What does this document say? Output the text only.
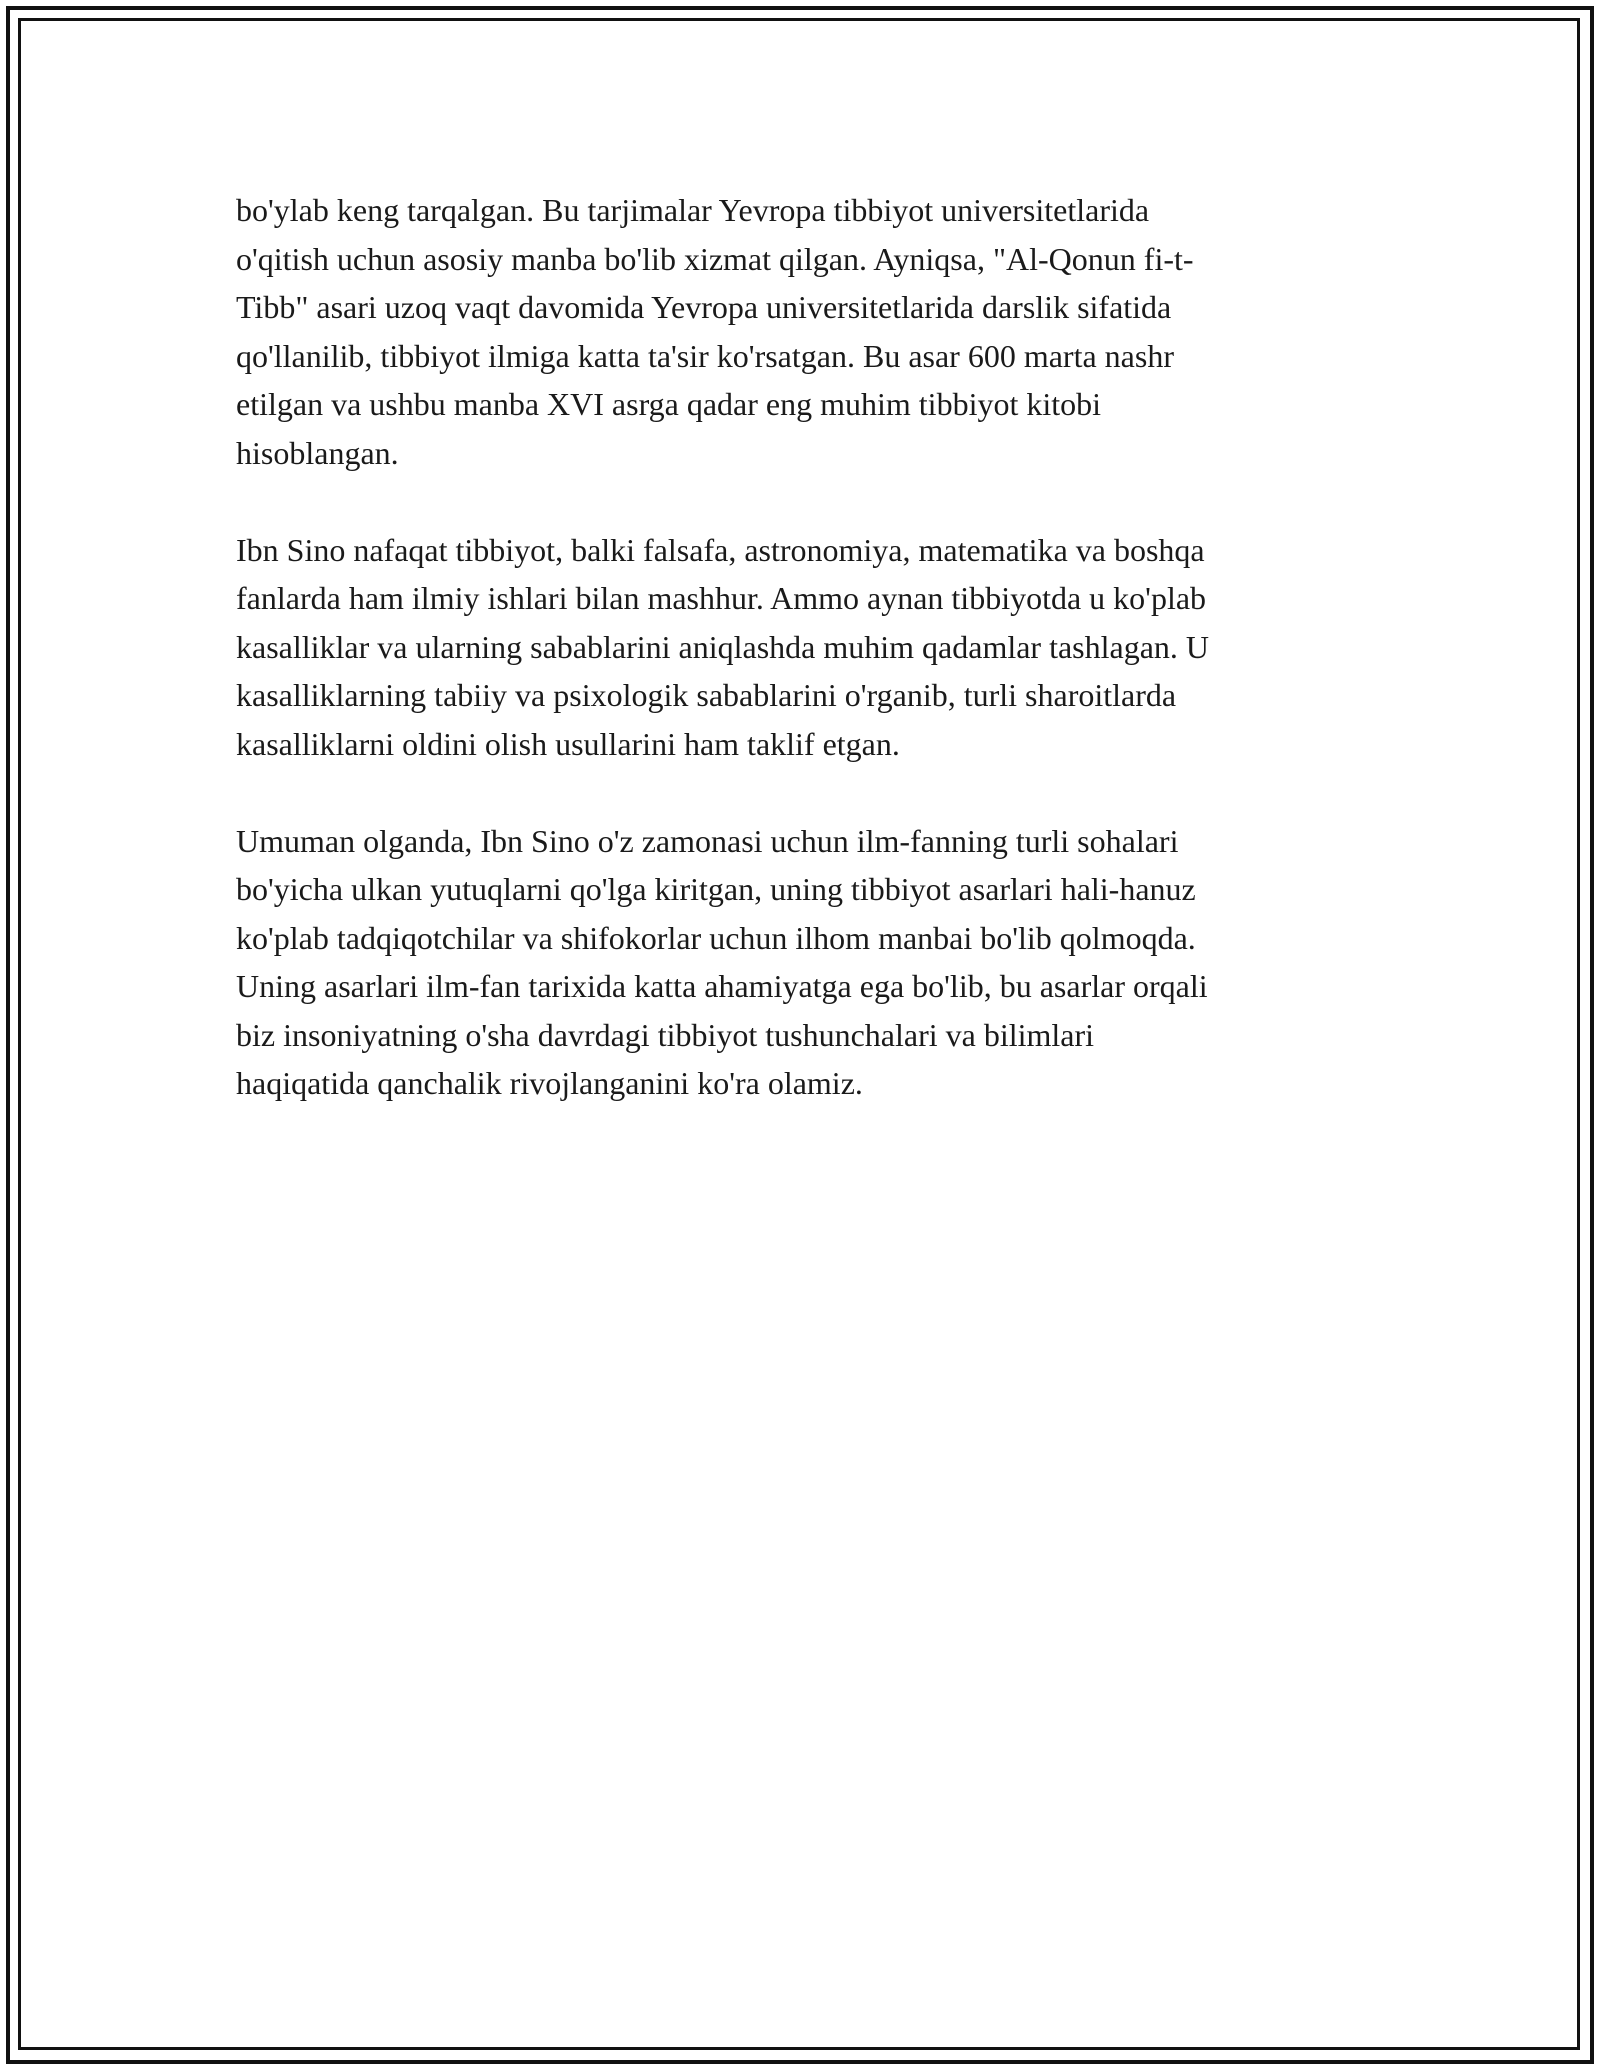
bo'ylab keng tarqalgan. Bu tarjimalar Yevropa tibbiyot universitetlarida
o'qitish uchun asosiy manba bo'lib xizmat qilgan. Ayniqsa, "Al-Qonun fi-t-
Tibb" asari uzoq vaqt davomida Yevropa universitetlarida darslik sifatida
qo'llanilib, tibbiyot ilmiga katta ta'sir ko'rsatgan. Bu asar 600 marta nashr
etilgan va ushbu manba XVI asrga qadar eng muhim tibbiyot kitobi
hisoblangan.

Ibn Sino nafaqat tibbiyot, balki falsafa, astronomiya, matematika va boshqa
fanlarda ham ilmiy ishlari bilan mashhur. Ammo aynan tibbiyotda u ko'plab
kasalliklar va ularning sabablarini aniqlashda muhim qadamlar tashlagan. U
kasalliklarning tabiiy va psixologik sabablarini o'rganib, turli sharoitlarda
kasalliklarni oldini olish usullarini ham taklif etgan.

Umuman olganda, Ibn Sino o'z zamonasi uchun ilm-fanning turli sohalari
bo'yicha ulkan yutuqlarni qo'lga kiritgan, uning tibbiyot asarlari hali-hanuz
ko'plab tadqiqotchilar va shifokorlar uchun ilhom manbai bo'lib qolmoqda.
Uning asarlari ilm-fan tarixida katta ahamiyatga ega bo'lib, bu asarlar orqali
biz insoniyatning o'sha davrdagi tibbiyot tushunchalari va bilimlari
haqiqatida qanchalik rivojlanganini ko'ra olamiz.
